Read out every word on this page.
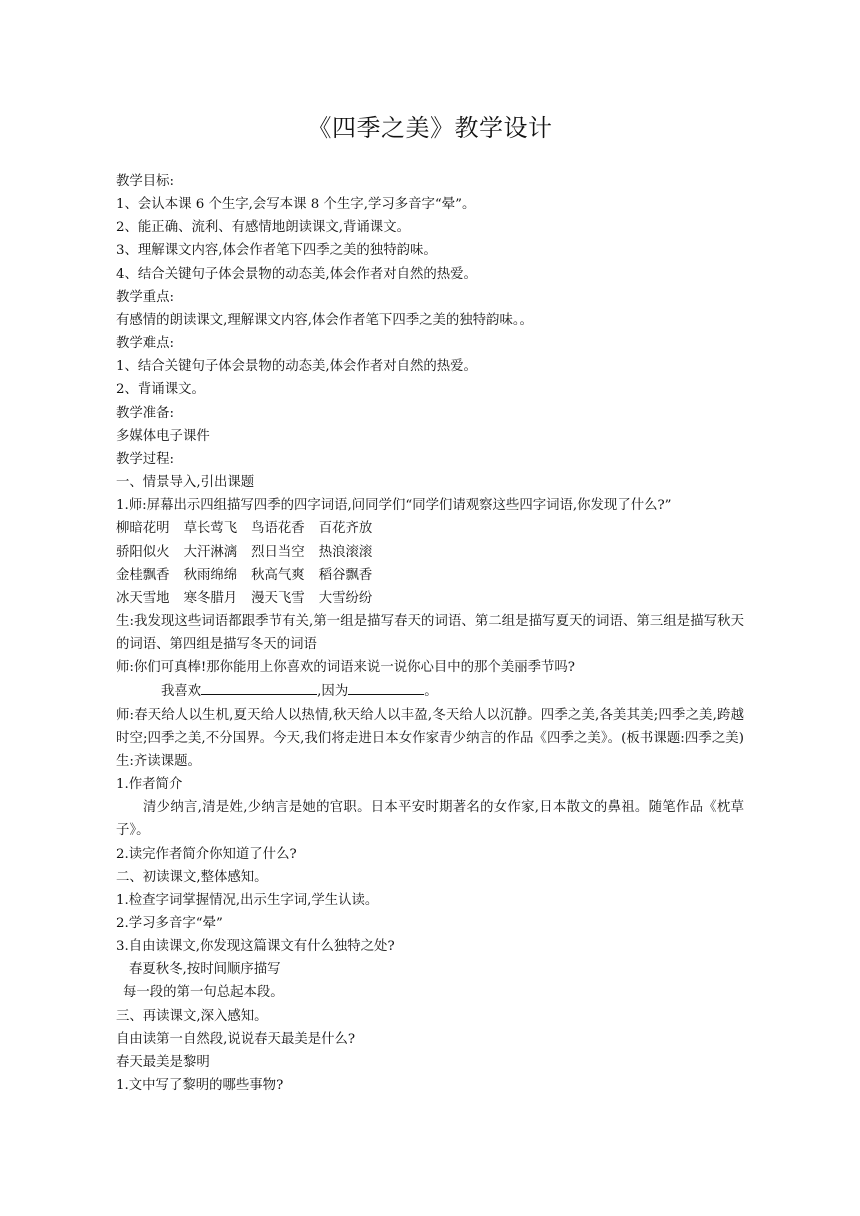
《四季之美》教学设计

教学目标:

1、会认本课 6 个生字,会写本课 8 个生字,学习多音字“晕”。

2、能正确、流利、有感情地朗读课文,背诵课文。

3、理解课文内容,体会作者笔下四季之美的独特韵味。

4、结合关键句子体会景物的动态美,体会作者对自然的热爱。

教学重点:

有感情的朗读课文,理解课文内容,体会作者笔下四季之美的独特韵味。。

教学难点:

1、结合关键句子体会景物的动态美,体会作者对自然的热爱。

2、背诵课文。

教学准备:

多媒体电子课件

教学过程:

一、情景导入,引出课题

1.师:屏幕出示四组描写四季的四字词语,问同学们“同学们请观察这些四字词语,你发现了什么?”

柳暗花明 草长莺飞 鸟语花香 百花齐放

骄阳似火 大汗淋漓 烈日当空 热浪滚滚

金桂飘香 秋雨绵绵 秋高气爽 稻谷飘香

冰天雪地 寒冬腊月 漫天飞雪 大雪纷纷

生:我发现这些词语都跟季节有关,第一组是描写春天的词语、第二组是描写夏天的词语、第三组是描写秋天的词语、第四组是描写冬天的词语

师:你们可真棒!那你能用上你喜欢的词语来说一说你心目中的那个美丽季节吗?

我喜欢	,因为	。

师:春天给人以生机,夏天给人以热情,秋天给人以丰盈,冬天给人以沉静。四季之美,各美其美;四季之美,跨越时空;四季之美,不分国界。今天,我们将走进日本女作家青少纳言的作品《四季之美》。(板书课题:四季之美)生:齐读课题。

1.作者简介

清少纳言,清是姓,少纳言是她的官职。日本平安时期著名的女作家,日本散文的鼻祖。随笔作品《枕草子》。

2.读完作者简介你知道了什么?

二、初读课文,整体感知。

1.检查字词掌握情况,出示生字词,学生认读。

2.学习多音字“晕”

3.自由读课文,你发现这篇课文有什么独特之处?

春夏秋冬,按时间顺序描写

每一段的第一句总起本段。

三、再读课文,深入感知。

自由读第一自然段,说说春天最美是什么?

春天最美是黎明

1.文中写了黎明的哪些事物?
